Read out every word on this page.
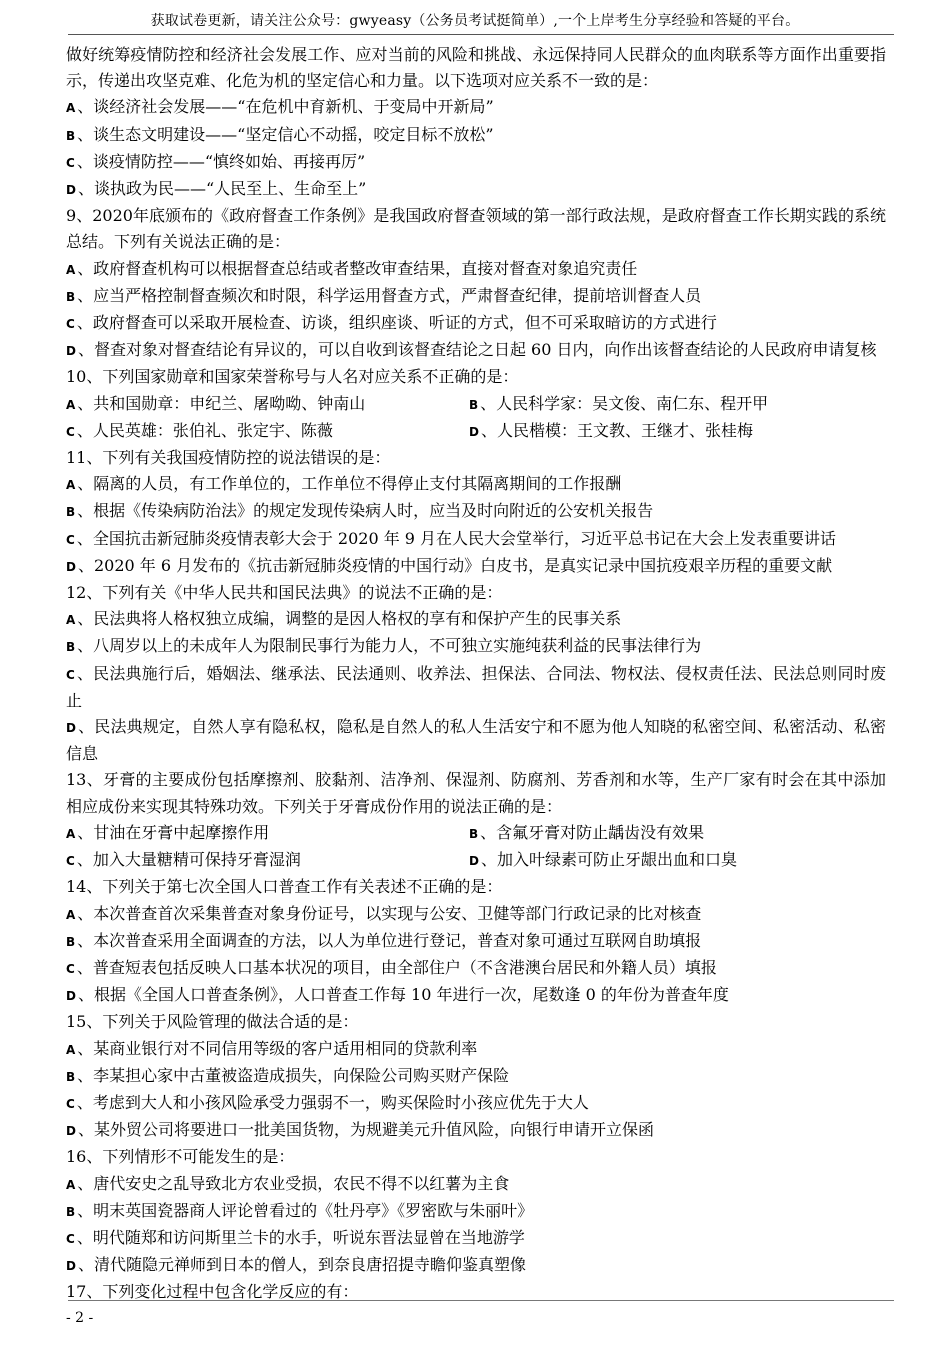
获取试卷更新，请关注公众号：gwyeasy（公务员考试挺简单）,一个上岸考生分享经验和答疑的平台。
做好统筹疫情防控和经济社会发展工作、应对当前的风险和挑战、永远保持同人民群众的血肉联系等方面作出重要指示，传递出攻坚克难、化危为机的坚定信心和力量。以下选项对应关系不一致的是：
A 、谈经济社会发展——“在危机中育新机、于变局中开新局”
B 、谈生态文明建设——“坚定信心不动摇，咬定目标不放松”
C 、谈疫情防控——“慎终如始、再接再厉”
D 、谈执政为民——“人民至上、生命至上”
9、2020年底颁布的《政府督查工作条例》是我国政府督查领域的第一部行政法规，是政府督查工作长期实践的系统总结。下列有关说法正确的是：
A 、政府督查机构可以根据督查总结或者整改审查结果，直接对督查对象追究责任
B 、应当严格控制督查频次和时限，科学运用督查方式，严肃督查纪律，提前培训督查人员
C 、政府督查可以采取开展检查、访谈，组织座谈、听证的方式，但不可采取暗访的方式进行
D 、督查对象对督查结论有异议的，可以自收到该督查结论之日起 60 日内，向作出该督查结论的人民政府申请复核
10、下列国家勋章和国家荣誉称号与人名对应关系不正确的是：
A 、共和国勋章：申纪兰、屠呦呦、钟南山	B 、人民科学家：吴文俊、南仁东、程开甲
C 、人民英雄：张伯礼、张定宇、陈薇	D 、人民楷模：王文教、王继才、张桂梅
11、下列有关我国疫情防控的说法错误的是：
A 、隔离的人员，有工作单位的，工作单位不得停止支付其隔离期间的工作报酬
B 、根据《传染病防治法》的规定发现传染病人时，应当及时向附近的公安机关报告
C 、全国抗击新冠肺炎疫情表彰大会于 2020 年 9 月在人民大会堂举行，习近平总书记在大会上发表重要讲话
D 、2020 年 6 月发布的《抗击新冠肺炎疫情的中国行动》白皮书，是真实记录中国抗疫艰辛历程的重要文献
12、下列有关《中华人民共和国民法典》的说法不正确的是：
A 、民法典将人格权独立成编，调整的是因人格权的享有和保护产生的民事关系
B 、八周岁以上的未成年人为限制民事行为能力人，不可独立实施纯获利益的民事法律行为
C 、民法典施行后，婚姻法、继承法、民法通则、收养法、担保法、合同法、物权法、侵权责任法、民法总则同时废止
D 、民法典规定，自然人享有隐私权，隐私是自然人的私人生活安宁和不愿为他人知晓的私密空间、私密活动、私密信息
13、牙膏的主要成份包括摩擦剂、胶黏剂、洁净剂、保湿剂、防腐剂、芳香剂和水等，生产厂家有时会在其中添加相应成份来实现其特殊功效。下列关于牙膏成份作用的说法正确的是：
A 、甘油在牙膏中起摩擦作用	B 、含氟牙膏对防止龋齿没有效果
C 、加入大量糖精可保持牙膏湿润	D 、加入叶绿素可防止牙龈出血和口臭
14、下列关于第七次全国人口普查工作有关表述不正确的是：
A 、本次普查首次采集普查对象身份证号，以实现与公安、卫健等部门行政记录的比对核查
B 、本次普查采用全面调查的方法，以人为单位进行登记，普查对象可通过互联网自助填报
C 、普查短表包括反映人口基本状况的项目，由全部住户（不含港澳台居民和外籍人员）填报
D 、根据《全国人口普查条例》，人口普查工作每 10 年进行一次，尾数逢 0 的年份为普查年度
15、下列关于风险管理的做法合适的是：
A 、某商业银行对不同信用等级的客户适用相同的贷款利率
B 、李某担心家中古董被盗造成损失，向保险公司购买财产保险
C 、考虑到大人和小孩风险承受力强弱不一，购买保险时小孩应优先于大人
D 、某外贸公司将要进口一批美国货物，为规避美元升值风险，向银行申请开立保函
16、下列情形不可能发生的是：
A 、唐代安史之乱导致北方农业受损，农民不得不以红薯为主食
B 、明末英国瓷器商人评论曾看过的《牡丹亭》《罗密欧与朱丽叶》
C 、明代随郑和访问斯里兰卡的水手，听说东晋法显曾在当地游学
D 、清代随隐元禅师到日本的僧人，到奈良唐招提寺瞻仰鉴真塑像
17、下列变化过程中包含化学反应的有：
- 2 -
